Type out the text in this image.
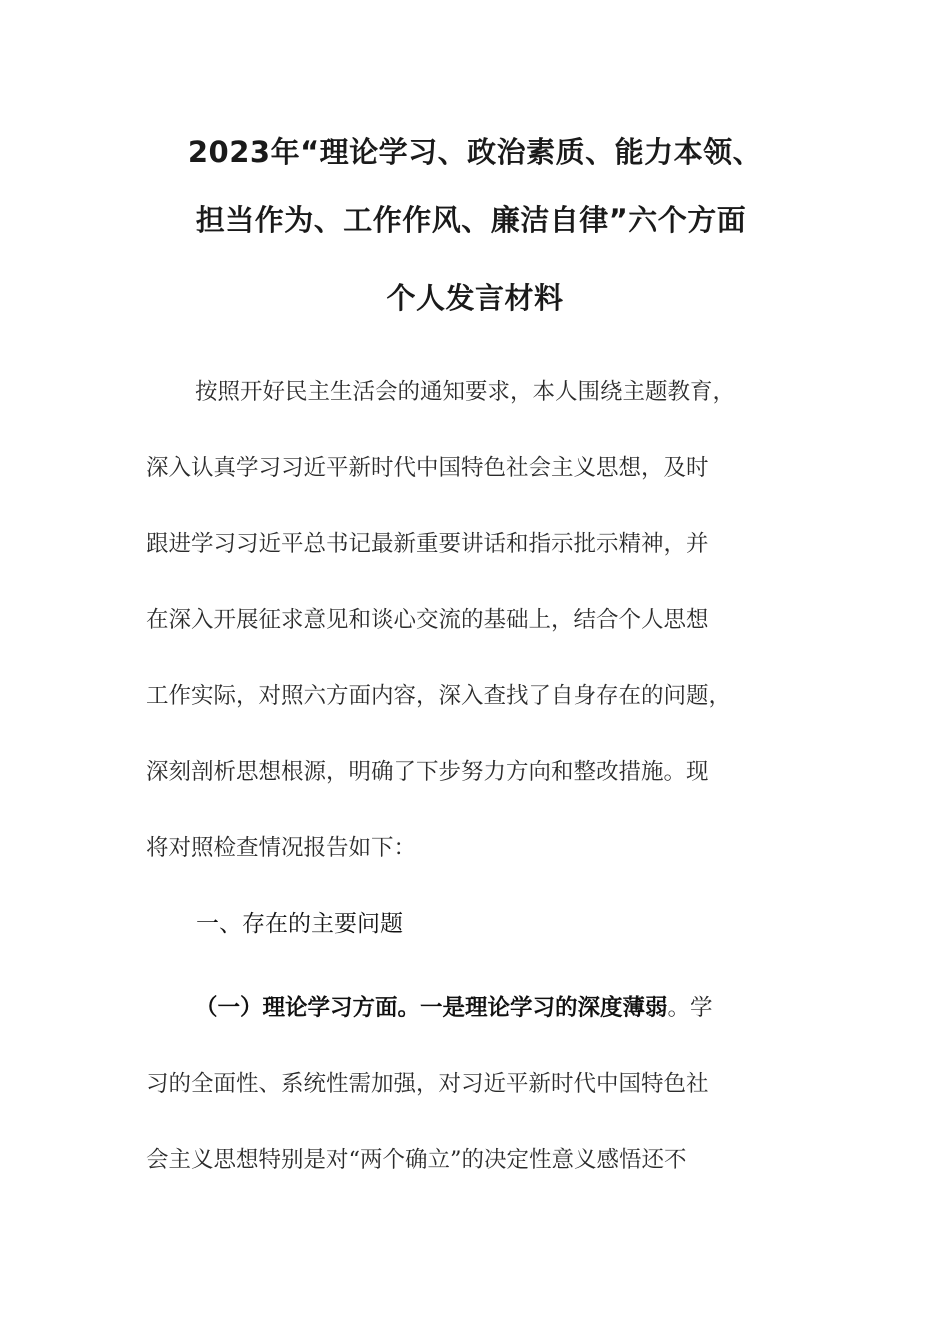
2023年“理论学习、政治素质、能力本领、
担当作为、工作作风、廉洁自律”六个方面
个人发言材料
按照开好民主生活会的通知要求，本人围绕主题教育，
深入认真学习习近平新时代中国特色社会主义思想，及时
跟进学习习近平总书记最新重要讲话和指示批示精神，并
在深入开展征求意见和谈心交流的基础上，结合个人思想
工作实际，对照六方面内容，深入查找了自身存在的问题，
深刻剖析思想根源，明确了下步努力方向和整改措施。现
将对照检查情况报告如下：
一、存在的主要问题
（一）理论学习方面。一是理论学习的深度薄弱。学
习的全面性、系统性需加强，对习近平新时代中国特色社
会主义思想特别是对“两个确立”的决定性意义感悟还不
